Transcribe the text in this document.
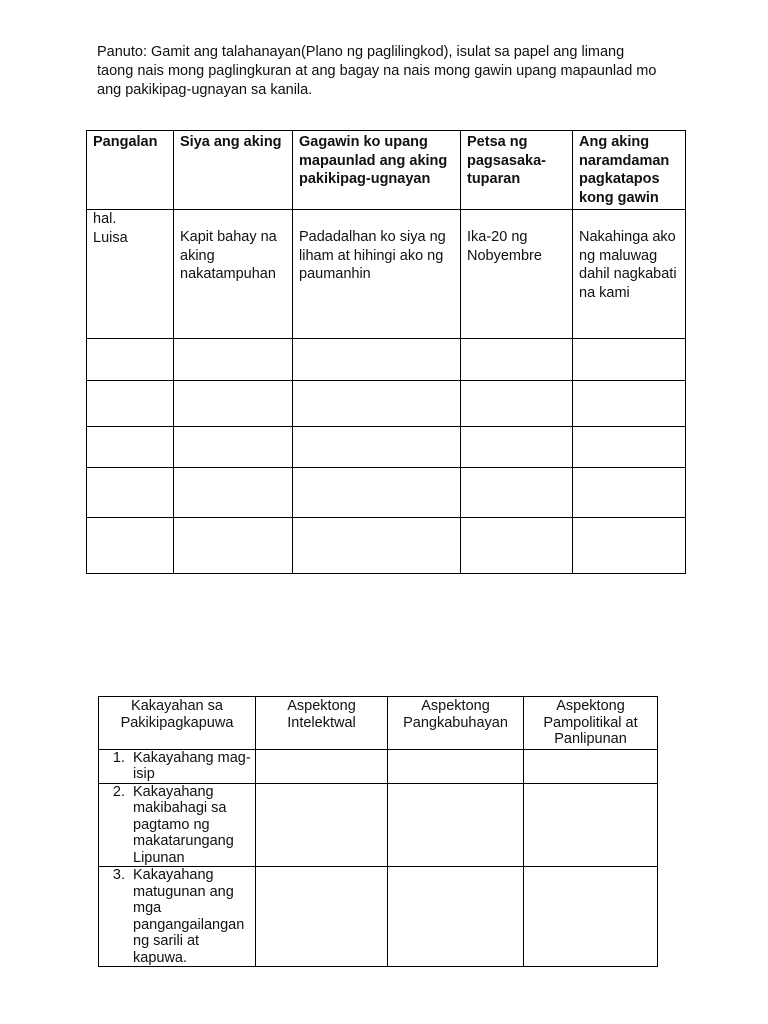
Panuto: Gamit ang talahanayan(Plano ng paglilingkod), isulat sa papel ang limang taong nais mong paglingkuran at ang bagay na nais mong gawin upang mapaunlad mo ang pakikipag-ugnayan sa kanila.
Pangalan	Siya ang aking	Gagawin ko upang mapaunlad ang aking pakikipag-ugnayan	Petsa ng pagsasaka-tuparan	Ang aking naramdaman pagkatapos kong gawin

hal.
Luisa	Kapit bahay na aking nakatampuhan	Padadalhan ko siya ng liham at hihingi ako ng paumanhin	Ika-20 ng Nobyembre	Nakahinga ako ng maluwag dahil nagkabati na kami

Kakayahan sa Pakikipagkapuwa	Aspektong Intelektwal	Aspektong Pangkabuhayan	Aspektong Pampolitikal at Panlipunan

1. Kakayahang mag-isip			

2. Kakayahang makibahagi sa pagtamo ng makatarungang Lipunan			

3. Kakayahang matugunan ang mga pangangailangan ng sarili at kapuwa.			
